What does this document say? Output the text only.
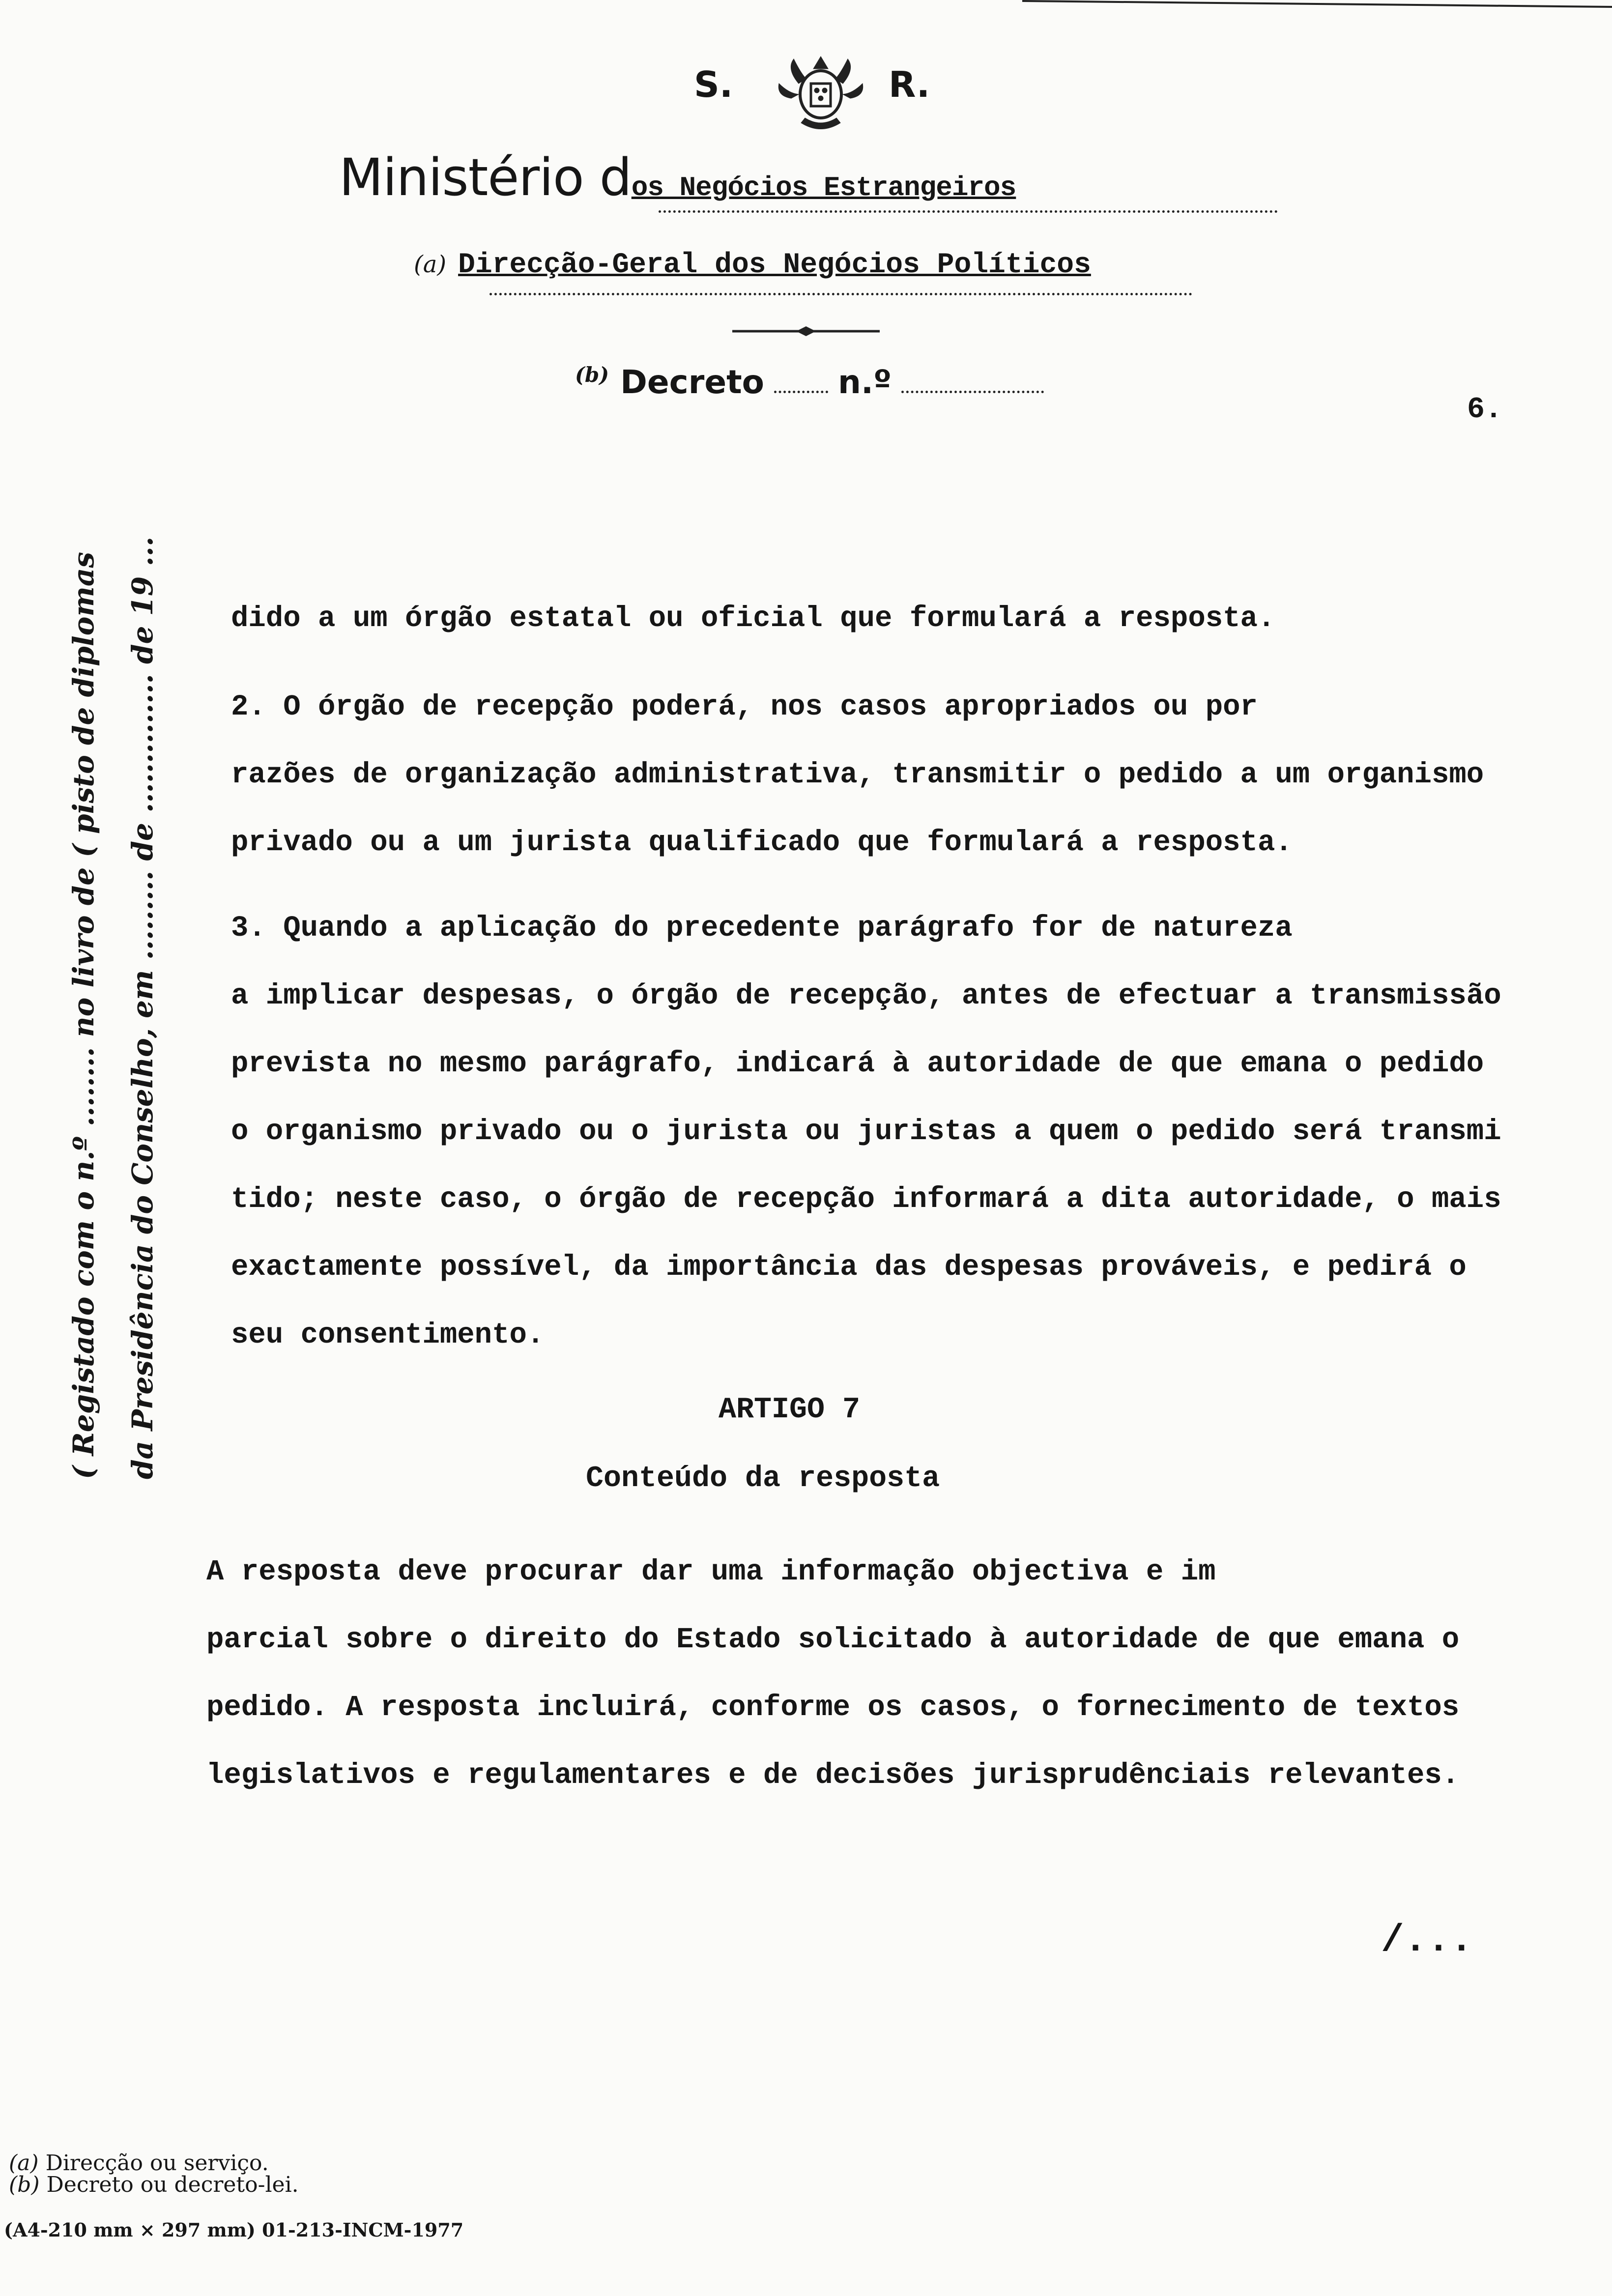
S.	R.
Ministério dos Negócios Estrangeiros
(a) Direcção-Geral dos Negócios Políticos
$^{(b)}$ Decreto n.º
6.
( Registado com o n.º ........ no livro de ( pisto de diplomas da Presidência do Conselho, em ......... de .............. de 19 ...	dido a um órgão estatal ou oficial que formulará a resposta.
2. O órgão de recepção poderá, nos casos apropriados ou por
razões de organização administrativa, transmitir o pedido a um organismo
privado ou a um jurista qualificado que formulará a resposta.
3. Quando a aplicação do precedente parágrafo for de natureza
a implicar despesas, o órgão de recepção, antes de efectuar a transmissão
prevista no mesmo parágrafo, indicará à autoridade de que emana o pedido
o organismo privado ou o jurista ou juristas a quem o pedido será transmi
tido; neste caso, o órgão de recepção informará a dita autoridade, o mais
exactamente possível, da importância das despesas prováveis, e pedirá o
seu consentimento.
ARTIGO 7
Conteúdo da resposta
A resposta deve procurar dar uma informação objectiva e im
parcial sobre o direito do Estado solicitado à autoridade de que emana o
pedido. A resposta incluirá, conforme os casos, o fornecimento de textos
legislativos e regulamentares e de decisões jurisprudênciais relevantes.
/...
(a) Direcção ou serviço.
(b) Decreto ou decreto-lei.
(A4-210 mm × 297 mm) 01-213-INCM-1977
